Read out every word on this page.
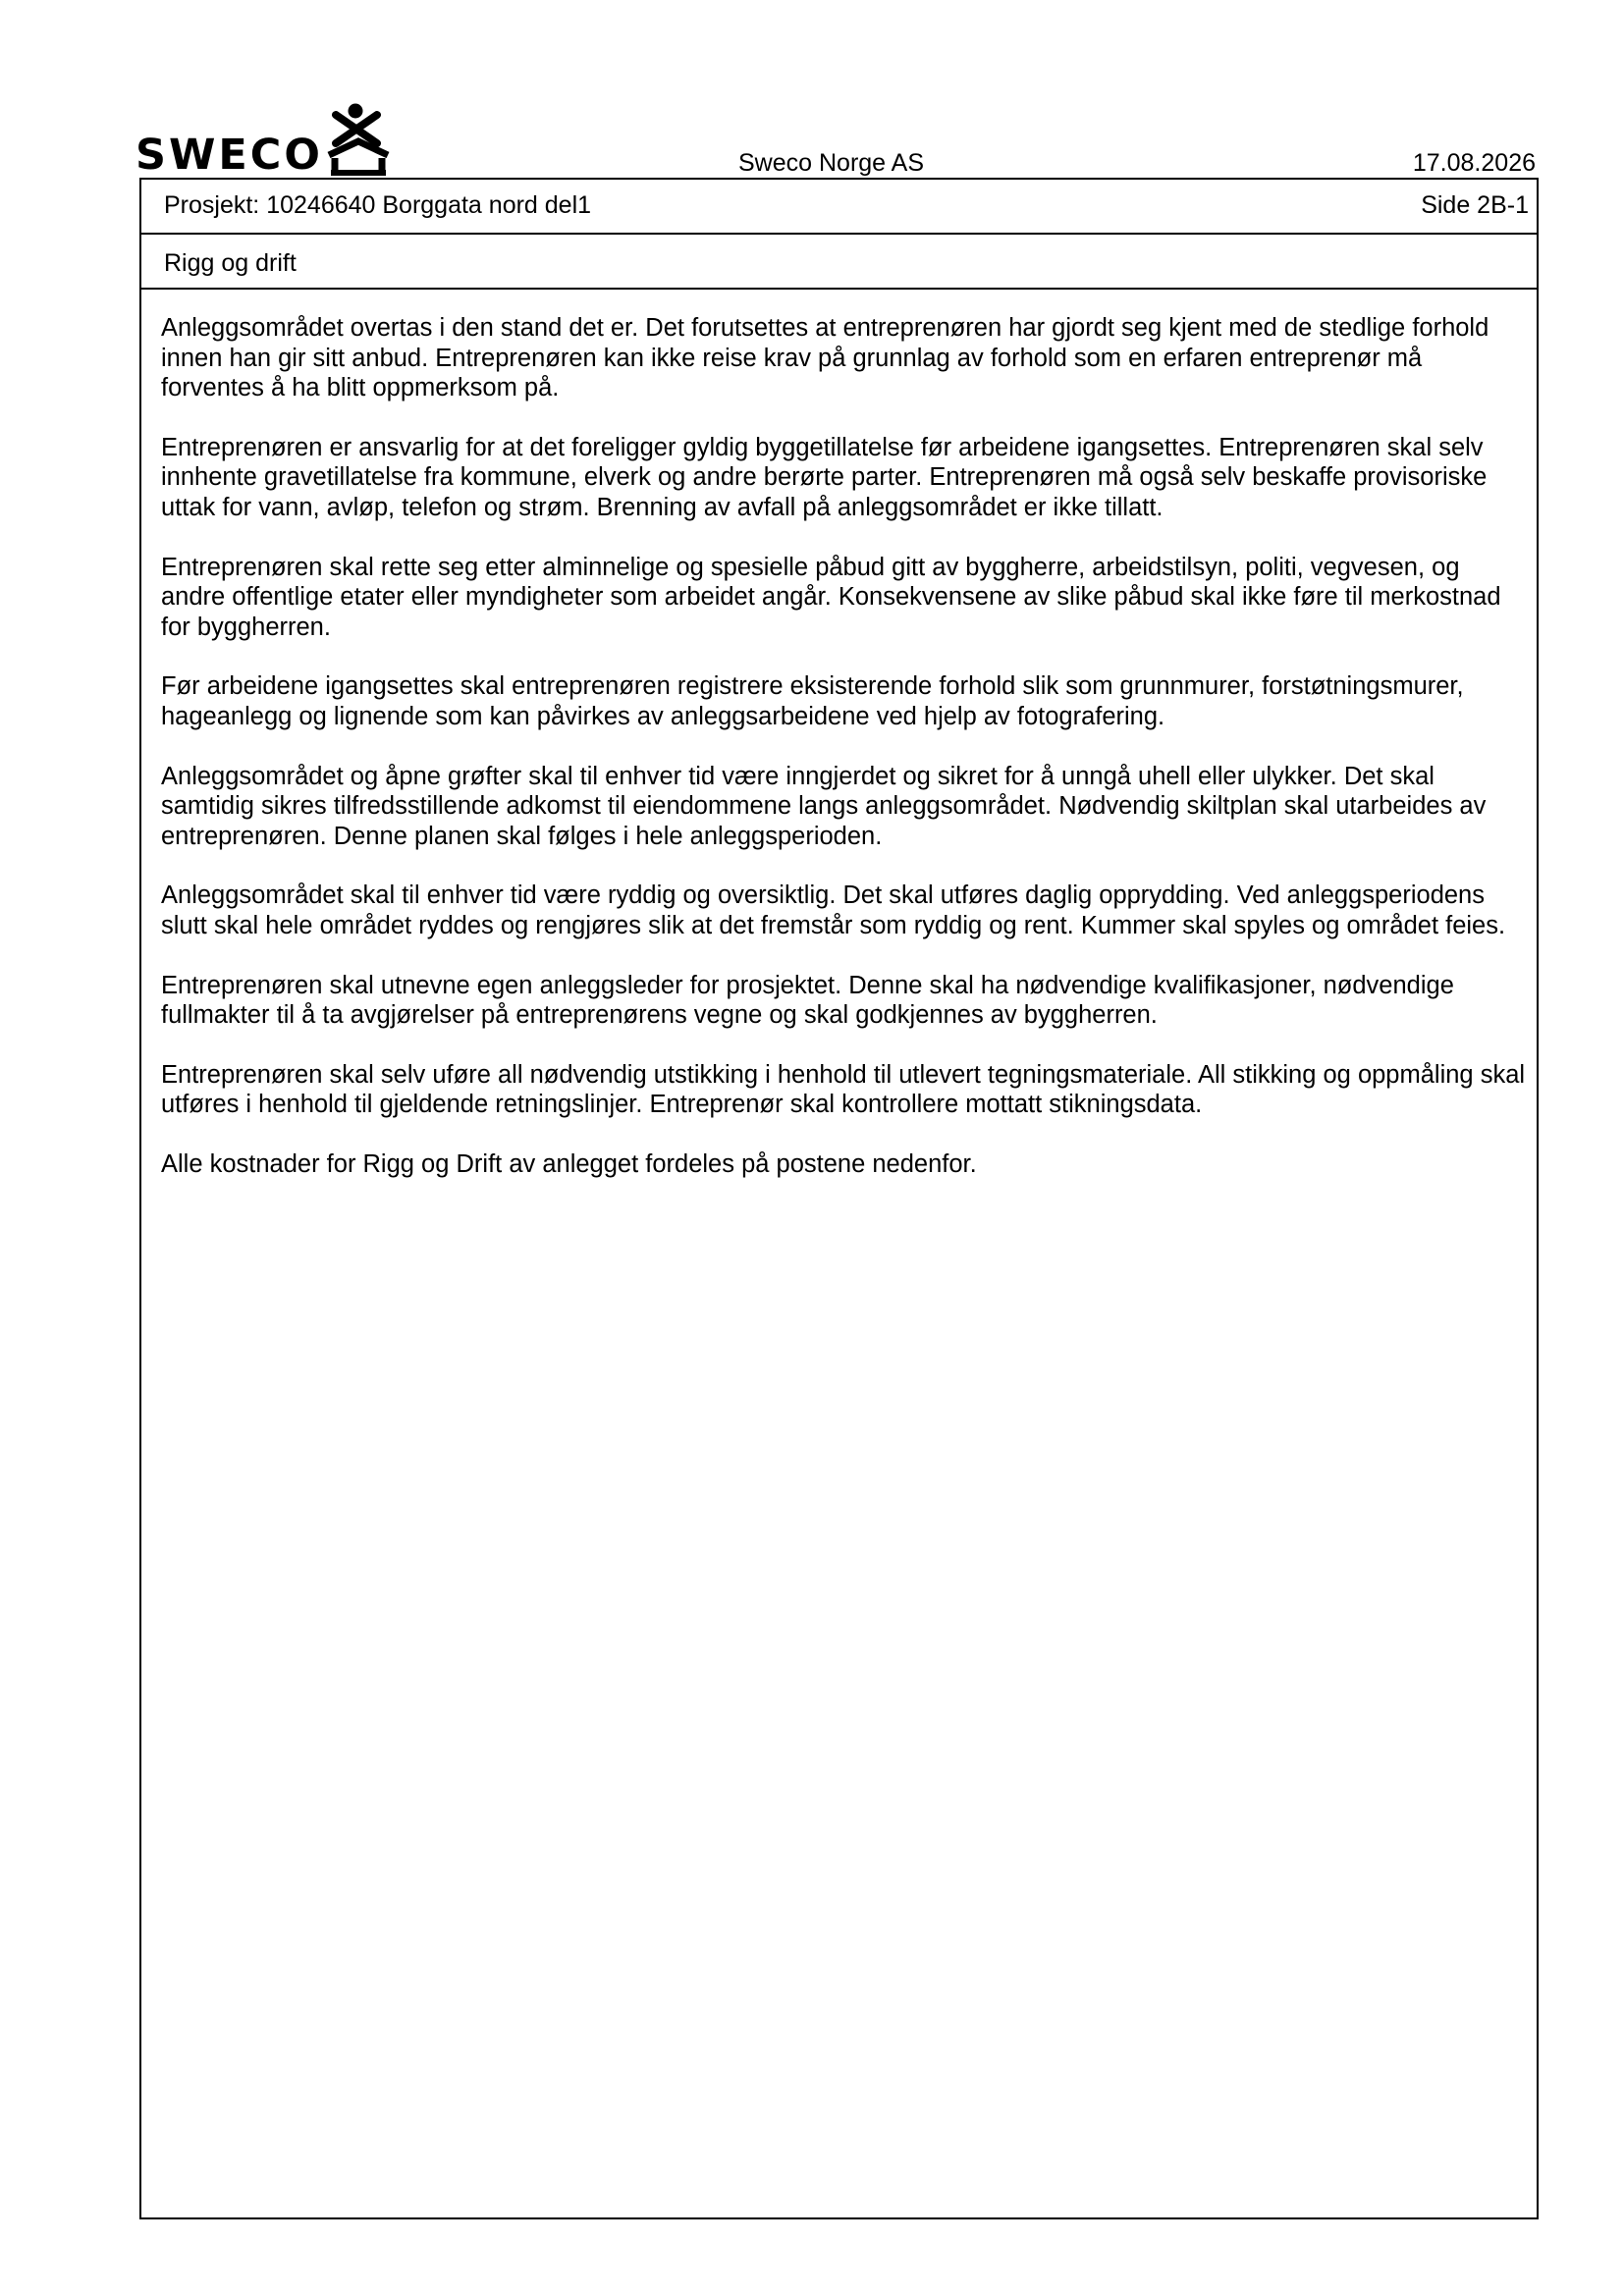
SWECO	Sweco Norge AS	17.08.2026
Prosjekt: 10246640 Borggata nord del1	Side 2B-1
Rigg og drift

Anleggsområdet overtas i den stand det er. Det forutsettes at entreprenøren har gjordt seg kjent med de stedlige forhold innen han gir sitt anbud. Entreprenøren kan ikke reise krav på grunnlag av forhold som en erfaren entreprenør må forventes å ha blitt oppmerksom på.

Entreprenøren er ansvarlig for at det foreligger gyldig byggetillatelse før arbeidene igangsettes. Entreprenøren skal selv innhente gravetillatelse fra kommune, elverk og andre berørte parter. Entreprenøren må også selv beskaffe provisoriske uttak for vann, avløp, telefon og strøm. Brenning av avfall på anleggsområdet er ikke tillatt.

Entreprenøren skal rette seg etter alminnelige og spesielle påbud gitt av byggherre, arbeidstilsyn, politi, vegvesen, og andre offentlige etater eller myndigheter som arbeidet angår. Konsekvensene av slike påbud skal ikke føre til merkostnad for byggherren.

Før arbeidene igangsettes skal entreprenøren registrere eksisterende forhold slik som grunnmurer, forstøtningsmurer, hageanlegg og lignende som kan påvirkes av anleggsarbeidene ved hjelp av fotografering.

Anleggsområdet og åpne grøfter skal til enhver tid være inngjerdet og sikret for å unngå uhell eller ulykker. Det skal samtidig sikres tilfredsstillende adkomst til eiendommene langs anleggsområdet. Nødvendig skiltplan skal utarbeides av entreprenøren. Denne planen skal følges i hele anleggsperioden.

Anleggsområdet skal til enhver tid være ryddig og oversiktlig. Det skal utføres daglig opprydding. Ved anleggsperiodens slutt skal hele området ryddes og rengjøres slik at det fremstår som ryddig og rent. Kummer skal spyles og området feies.

Entreprenøren skal utnevne egen anleggsleder for prosjektet. Denne skal ha nødvendige kvalifikasjoner, nødvendige fullmakter til å ta avgjørelser på entreprenørens vegne og skal godkjennes av byggherren.

Entreprenøren skal selv uføre all nødvendig utstikking i henhold til utlevert tegningsmateriale. All stikking og oppmåling skal utføres i henhold til gjeldende retningslinjer. Entreprenør skal kontrollere mottatt stikningsdata.

Alle kostnader for Rigg og Drift av anlegget fordeles på postene nedenfor.
